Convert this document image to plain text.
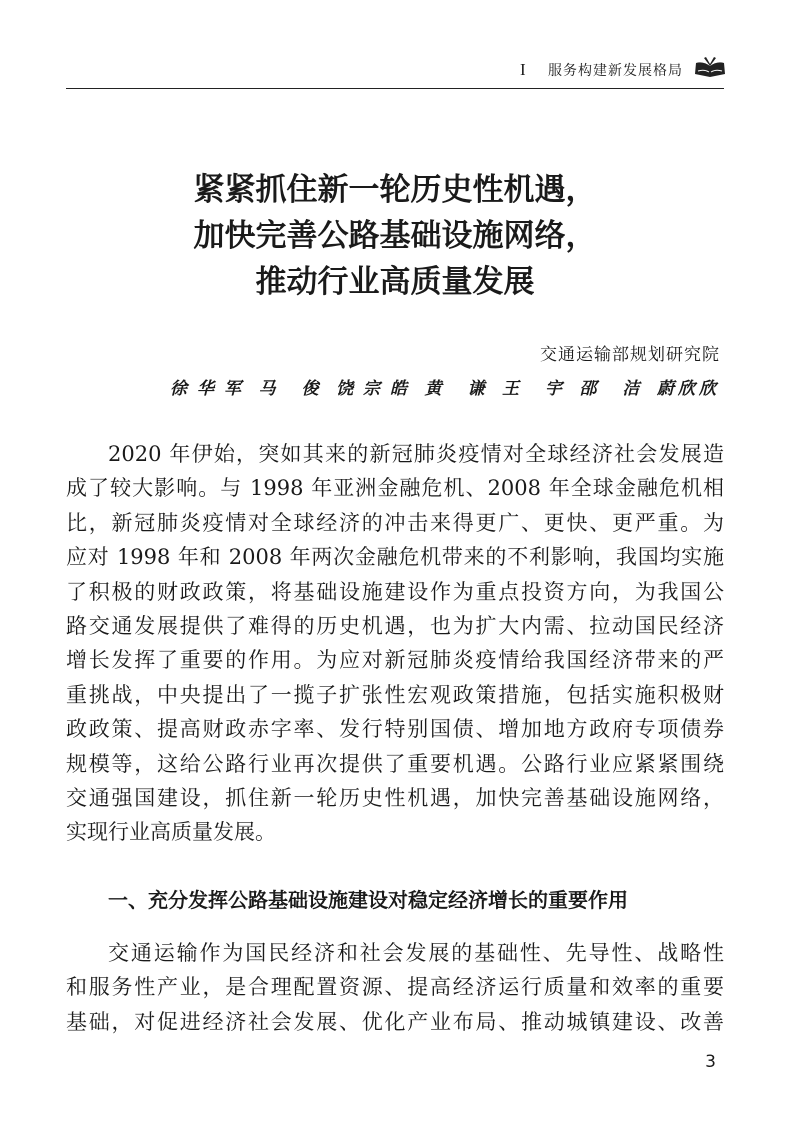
I	服务构建新发展格局
紧紧抓住新一轮历史性机遇，
加快完善公路基础设施网络，
推动行业高质量发展
交通运输部规划研究院
徐华军 马 俊 饶宗皓 黄 谦 王 宇 邵 洁 蔚欣欣
2020 年伊始，突如其来的新冠肺炎疫情对全球经济社会发展造
成了较大影响。与 1998 年亚洲金融危机、2008 年全球金融危机相
比，新冠肺炎疫情对全球经济的冲击来得更广、更快、更严重。为
应对 1998 年和 2008 年两次金融危机带来的不利影响，我国均实施
了积极的财政政策，将基础设施建设作为重点投资方向，为我国公
路交通发展提供了难得的历史机遇，也为扩大内需、拉动国民经济
增长发挥了重要的作用。为应对新冠肺炎疫情给我国经济带来的严
重挑战，中央提出了一揽子扩张性宏观政策措施，包括实施积极财
政政策、提高财政赤字率、发行特别国债、增加地方政府专项债券
规模等，这给公路行业再次提供了重要机遇。公路行业应紧紧围绕
交通强国建设，抓住新一轮历史性机遇，加快完善基础设施网络，
实现行业高质量发展。
一、充分发挥公路基础设施建设对稳定经济增长的重要作用
交通运输作为国民经济和社会发展的基础性、先导性、战略性
和服务性产业，是合理配置资源、提高经济运行质量和效率的重要
基础，对促进经济社会发展、优化产业布局、推动城镇建设、改善
3
